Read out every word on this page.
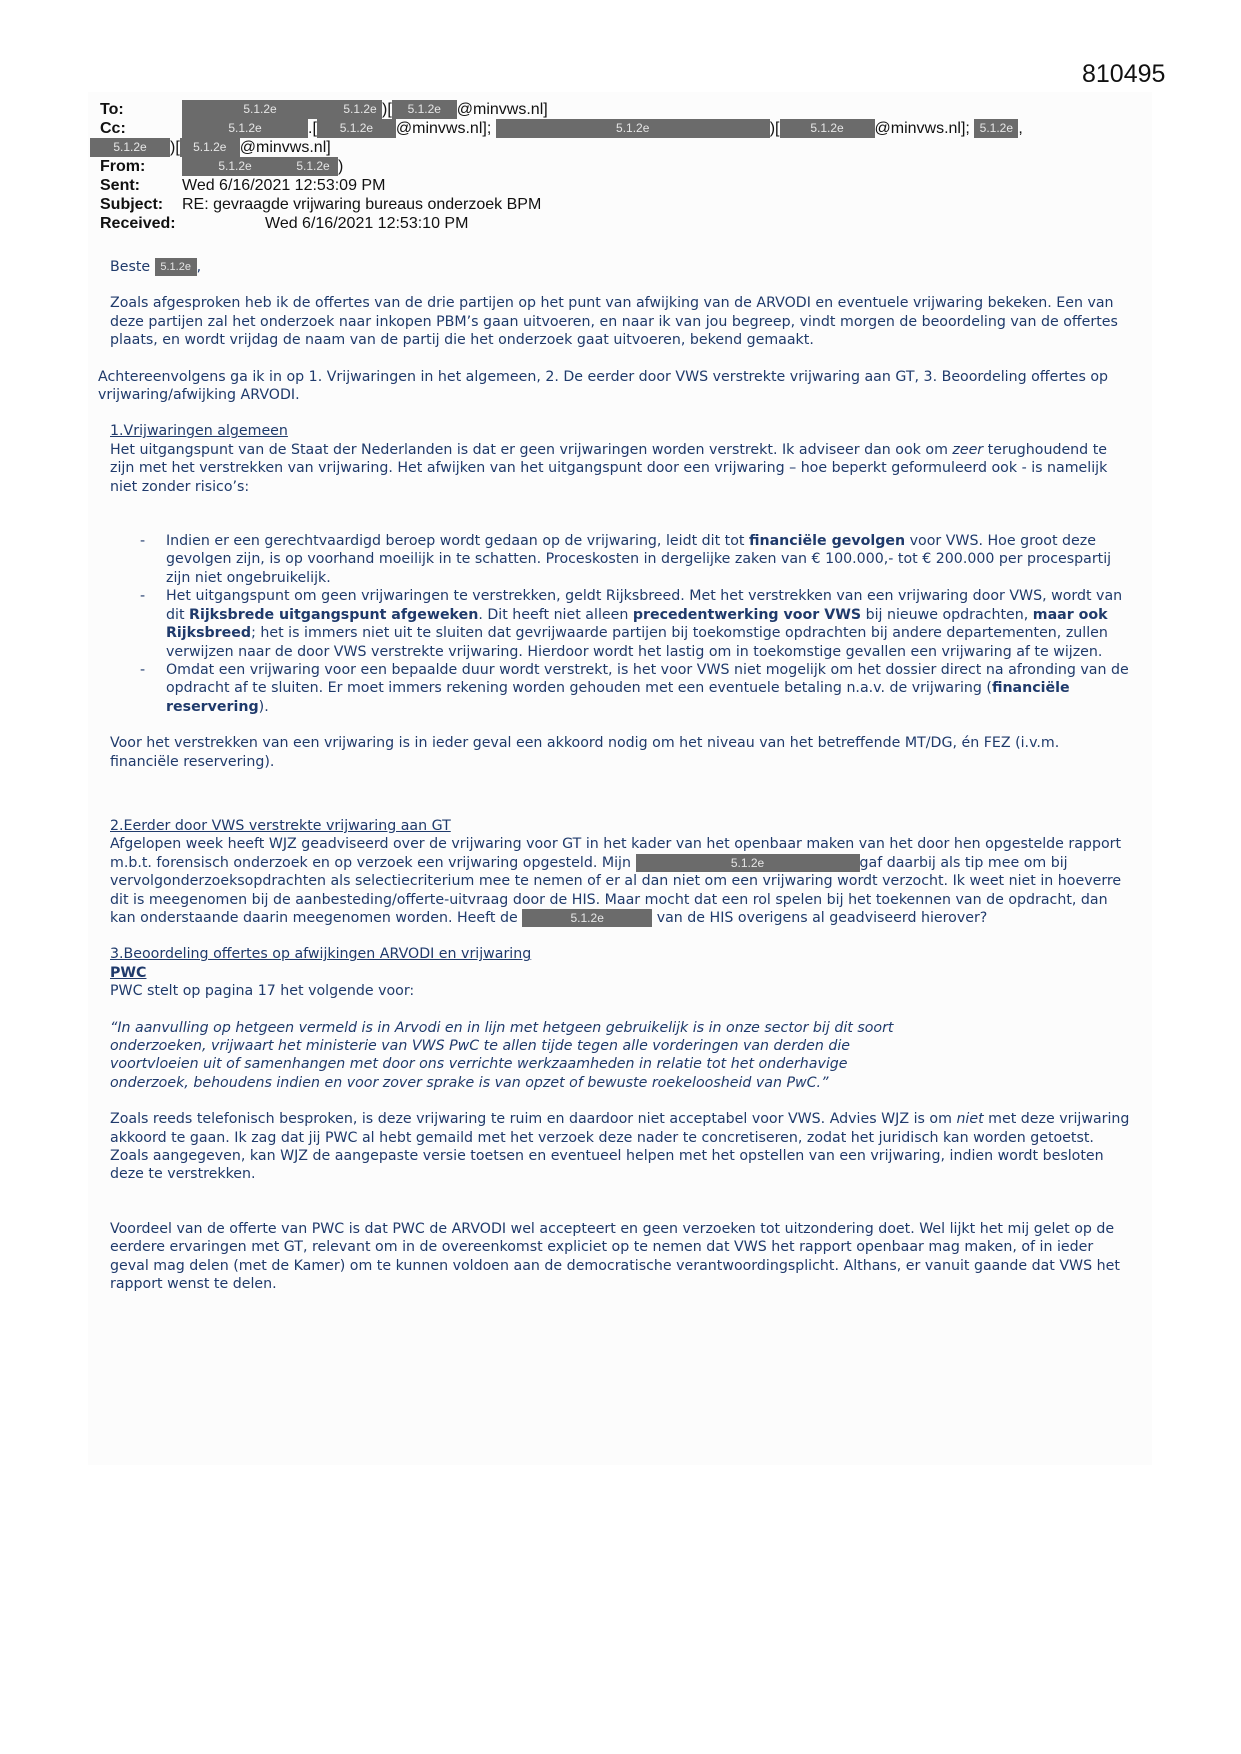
810495
To:	5.1.2e	5.1.2e )[ 5.1.2e @minvws.nl]
Cc:	5.1.2e	.[ 5.1.2e @minvws.nl];	5.1.2e	)[	5.1.2e @minvws.nl]; 5.1.2e ,
5.1.2e )[ 5.1.2e @minvws.nl]
From:	5.1.2e	5.1.2e )
Sent:	Wed 6/16/2021 12:53:09 PM
Subject: RE: gevraagde vrijwaring bureaus onderzoek BPM
Received:	Wed 6/16/2021 12:53:10 PM

Beste 5.1.2e ,

Zoals afgesproken heb ik de offertes van de drie partijen op het punt van afwijking van de ARVODI en eventuele vrijwaring bekeken. Een van deze partijen zal het onderzoek naar inkopen PBM’s gaan uitvoeren, en naar ik van jou begreep, vindt morgen de beoordeling van de offertes plaats, en wordt vrijdag de naam van de partij die het onderzoek gaat uitvoeren, bekend gemaakt.

Achtereenvolgens ga ik in op 1. Vrijwaringen in het algemeen, 2. De eerder door VWS verstrekte vrijwaring aan GT, 3. Beoordeling offertes op vrijwaring/afwijking ARVODI.

1.Vrijwaringen algemeen

Het uitgangspunt van de Staat der Nederlanden is dat er geen vrijwaringen worden verstrekt. Ik adviseer dan ook om zeer terughoudend te zijn met het verstrekken van vrijwaring. Het afwijken van het uitgangspunt door een vrijwaring – hoe beperkt geformuleerd ook - is namelijk niet zonder risico’s:

- Indien er een gerechtvaardigd beroep wordt gedaan op de vrijwaring, leidt dit tot financiële gevolgen voor VWS. Hoe groot deze gevolgen zijn, is op voorhand moeilijk in te schatten. Proceskosten in dergelijke zaken van € 100.000,- tot € 200.000 per procespartij zijn niet ongebruikelijk.
- Het uitgangspunt om geen vrijwaringen te verstrekken, geldt Rijksbreed. Met het verstrekken van een vrijwaring door VWS, wordt van dit Rijksbrede uitgangspunt afgeweken. Dit heeft niet alleen precedentwerking voor VWS bij nieuwe opdrachten, maar ook Rijksbreed; het is immers niet uit te sluiten dat gevrijwaarde partijen bij toekomstige opdrachten bij andere departementen, zullen verwijzen naar de door VWS verstrekte vrijwaring. Hierdoor wordt het lastig om in toekomstige gevallen een vrijwaring af te wijzen.
- Omdat een vrijwaring voor een bepaalde duur wordt verstrekt, is het voor VWS niet mogelijk om het dossier direct na afronding van de opdracht af te sluiten. Er moet immers rekening worden gehouden met een eventuele betaling n.a.v. de vrijwaring (financiële reservering).

Voor het verstrekken van een vrijwaring is in ieder geval een akkoord nodig om het niveau van het betreffende MT/DG, én FEZ (i.v.m. financiële reservering).

2.Eerder door VWS verstrekte vrijwaring aan GT

Afgelopen week heeft WJZ geadviseerd over de vrijwaring voor GT in het kader van het openbaar maken van het door hen opgestelde rapport m.b.t. forensisch onderzoek en op verzoek een vrijwaring opgesteld. Mijn	5.1.2e	gaf daarbij als tip mee om bij vervolgonderzoeksopdrachten als selectiecriterium mee te nemen of er al dan niet om een vrijwaring wordt verzocht. Ik weet niet in hoeverre dit is meegenomen bij de aanbesteding/offerte-uitvraag door de HIS. Maar mocht dat een rol spelen bij het toekennen van de opdracht, dan kan onderstaande daarin meegenomen worden. Heeft de	5.1.2e	van de HIS overigens al geadviseerd hierover?

3.Beoordeling offertes op afwijkingen ARVODI en vrijwaring

PWC

PWC stelt op pagina 17 het volgende voor:

“In aanvulling op hetgeen vermeld is in Arvodi en in lijn met hetgeen gebruikelijk is in onze sector bij dit soort onderzoeken, vrijwaart het ministerie van VWS PwC te allen tijde tegen alle vorderingen van derden die voortvloeien uit of samenhangen met door ons verrichte werkzaamheden in relatie tot het onderhavige onderzoek, behoudens indien en voor zover sprake is van opzet of bewuste roekeloosheid van PwC.”

Zoals reeds telefonisch besproken, is deze vrijwaring te ruim en daardoor niet acceptabel voor VWS. Advies WJZ is om niet met deze vrijwaring akkoord te gaan. Ik zag dat jij PWC al hebt gemaild met het verzoek deze nader te concretiseren, zodat het juridisch kan worden getoetst. Zoals aangegeven, kan WJZ de aangepaste versie toetsen en eventueel helpen met het opstellen van een vrijwaring, indien wordt besloten deze te verstrekken.

Voordeel van de offerte van PWC is dat PWC de ARVODI wel accepteert en geen verzoeken tot uitzondering doet. Wel lijkt het mij gelet op de eerdere ervaringen met GT, relevant om in de overeenkomst expliciet op te nemen dat VWS het rapport openbaar mag maken, of in ieder geval mag delen (met de Kamer) om te kunnen voldoen aan de democratische verantwoordingsplicht. Althans, er vanuit gaande dat VWS het rapport wenst te delen.
